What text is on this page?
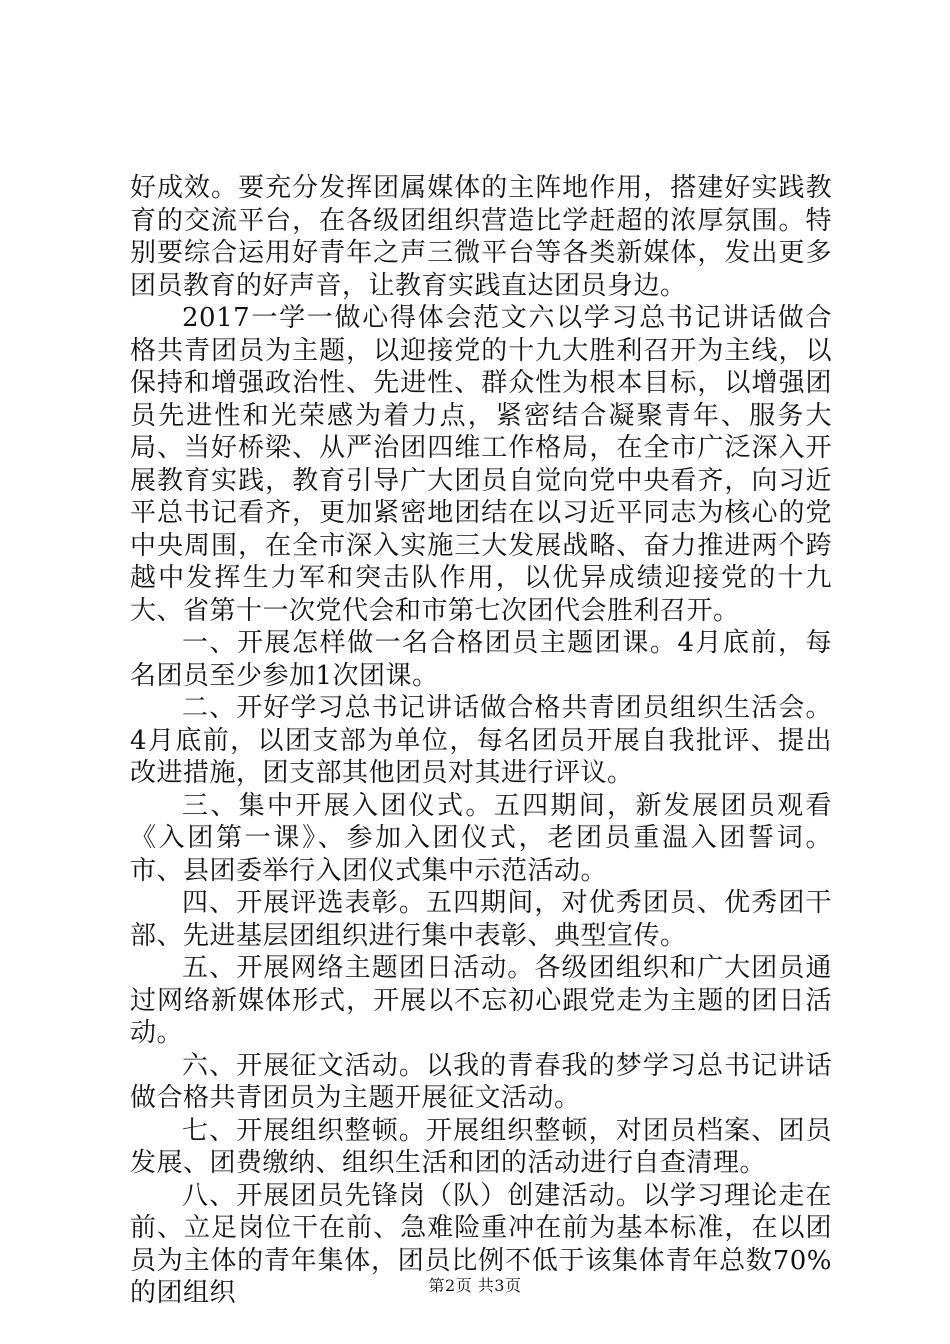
好成效。要充分发挥团属媒体的主阵地作用，搭建好实践教育的交流平台，在各级团组织营造比学赶超的浓厚氛围。特别要综合运用好青年之声三微平台等各类新媒体，发出更多团员教育的好声音，让教育实践直达团员身边。

2017一学一做心得体会范文六以学习总书记讲话做合格共青团员为主题，以迎接党的十九大胜利召开为主线，以保持和增强政治性、先进性、群众性为根本目标，以增强团员先进性和光荣感为着力点，紧密结合凝聚青年、服务大局、当好桥梁、从严治团四维工作格局，在全市广泛深入开展教育实践，教育引导广大团员自觉向党中央看齐，向习近平总书记看齐，更加紧密地团结在以习近平同志为核心的党中央周围，在全市深入实施三大发展战略、奋力推进两个跨越中发挥生力军和突击队作用，以优异成绩迎接党的十九大、省第十一次党代会和市第七次团代会胜利召开。

一、开展怎样做一名合格团员主题团课。4月底前，每名团员至少参加1次团课。

二、开好学习总书记讲话做合格共青团员组织生活会。4月底前，以团支部为单位，每名团员开展自我批评、提出改进措施，团支部其他团员对其进行评议。

三、集中开展入团仪式。五四期间，新发展团员观看《入团第一课》、参加入团仪式，老团员重温入团誓词。市、县团委举行入团仪式集中示范活动。

四、开展评选表彰。五四期间，对优秀团员、优秀团干部、先进基层团组织进行集中表彰、典型宣传。

五、开展网络主题团日活动。各级团组织和广大团员通过网络新媒体形式，开展以不忘初心跟党走为主题的团日活动。

六、开展征文活动。以我的青春我的梦学习总书记讲话做合格共青团员为主题开展征文活动。

七、开展组织整顿。开展组织整顿，对团员档案、团员发展、团费缴纳、组织生活和团的活动进行自查清理。

八、开展团员先锋岗（队）创建活动。以学习理论走在前、立足岗位干在前、急难险重冲在前为基本标准，在以团员为主体的青年集体，团员比例不低于该集体青年总数70%的团组织	第2页 共3页
